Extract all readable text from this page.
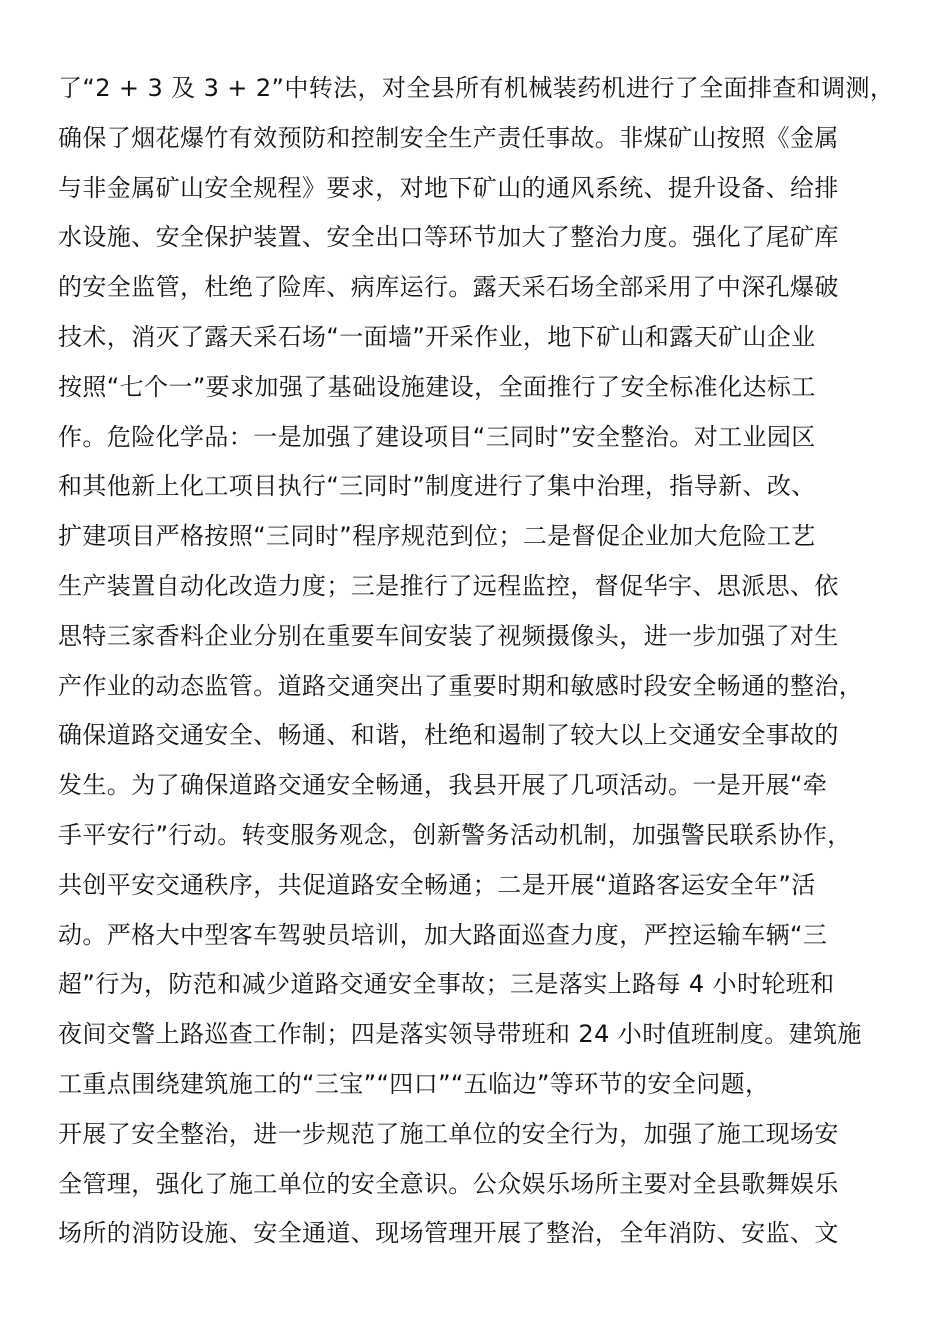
了“2 + 3 及 3 + 2”中转法，对全县所有机械装药机进行了全面排查和调测，
确保了烟花爆竹有效预防和控制安全生产责任事故。非煤矿山按照《金属
与非金属矿山安全规程》要求，对地下矿山的通风系统、提升设备、给排
水设施、安全保护装置、安全出口等环节加大了整治力度。强化了尾矿库
的安全监管，杜绝了险库、病库运行。露天采石场全部采用了中深孔爆破
技术，消灭了露天采石场“一面墙”开采作业，地下矿山和露天矿山企业
按照“七个一”要求加强了基础设施建设，全面推行了安全标准化达标工
作。危险化学品：一是加强了建设项目“三同时”安全整治。对工业园区
和其他新上化工项目执行“三同时”制度进行了集中治理，指导新、改、
扩建项目严格按照“三同时”程序规范到位；二是督促企业加大危险工艺
生产装置自动化改造力度；三是推行了远程监控，督促华宇、思派思、依
思特三家香料企业分别在重要车间安装了视频摄像头，进一步加强了对生
产作业的动态监管。道路交通突出了重要时期和敏感时段安全畅通的整治，
确保道路交通安全、畅通、和谐，杜绝和遏制了较大以上交通安全事故的
发生。为了确保道路交通安全畅通，我县开展了几项活动。一是开展“牵
手平安行”行动。转变服务观念，创新警务活动机制，加强警民联系协作，
共创平安交通秩序，共促道路安全畅通；二是开展“道路客运安全年”活
动。严格大中型客车驾驶员培训，加大路面巡查力度，严控运输车辆“三
超”行为，防范和减少道路交通安全事故；三是落实上路每 4 小时轮班和
夜间交警上路巡查工作制；四是落实领导带班和 24 小时值班制度。建筑施
工重点围绕建筑施工的“三宝”“四口”“五临边”等环节的安全问题，
开展了安全整治，进一步规范了施工单位的安全行为，加强了施工现场安
全管理，强化了施工单位的安全意识。公众娱乐场所主要对全县歌舞娱乐
场所的消防设施、安全通道、现场管理开展了整治，全年消防、安监、文
